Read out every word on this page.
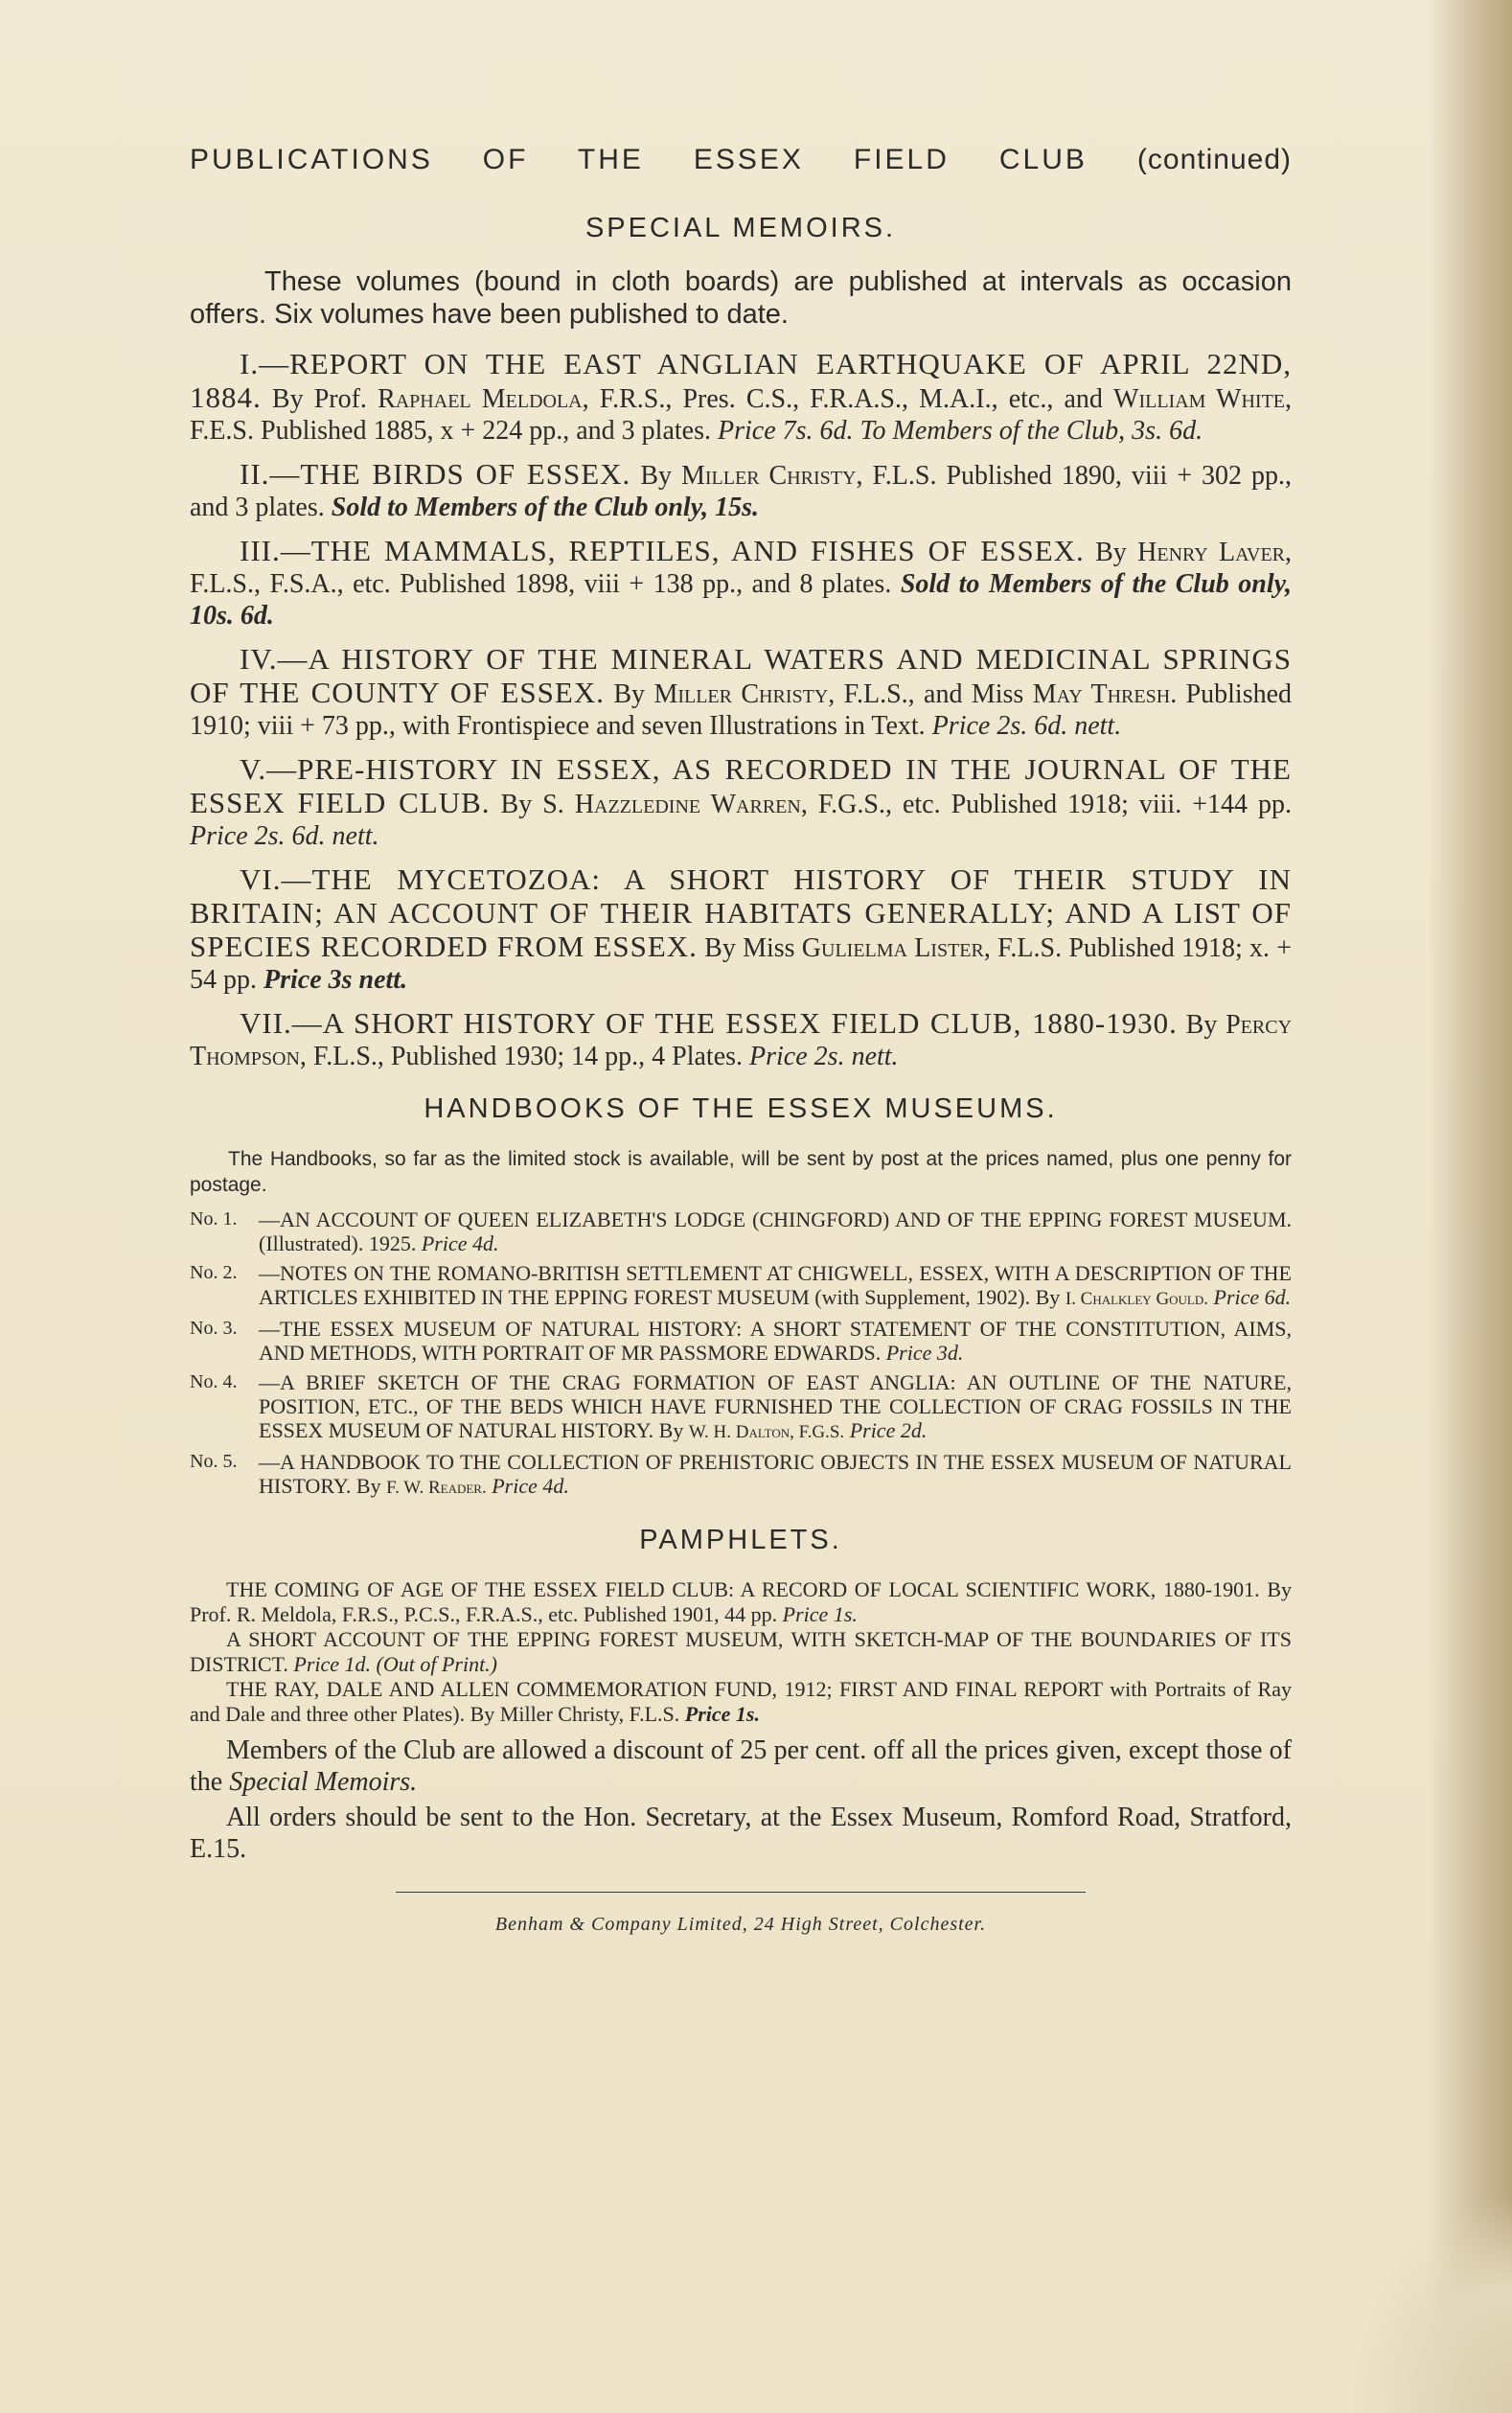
PUBLICATIONS OF THE ESSEX FIELD CLUB (continued)
SPECIAL MEMOIRS.

These volumes (bound in cloth boards) are published at intervals as occasion offers. Six volumes have been published to date.

I.—REPORT ON THE EAST ANGLIAN EARTHQUAKE OF APRIL 22ND, 1884. By Prof. Raphael Meldola, F.R.S., Pres. C.S., F.R.A.S., M.A.I., etc., and William White, F.E.S. Published 1885, x + 224 pp., and 3 plates. Price 7s. 6d. To Members of the Club, 3s. 6d.

II.—THE BIRDS OF ESSEX. By Miller Christy, F.L.S. Published 1890, viii + 302 pp., and 3 plates. Sold to Members of the Club only, 15s.

III.—THE MAMMALS, REPTILES, AND FISHES OF ESSEX. By Henry Laver, F.L.S., F.S.A., etc. Published 1898, viii + 138 pp., and 8 plates. Sold to Members of the Club only, 10s. 6d.

IV.—A HISTORY OF THE MINERAL WATERS AND MEDICINAL SPRINGS OF THE COUNTY OF ESSEX. By Miller Christy, F.L.S., and Miss May Thresh. Published 1910; viii + 73 pp., with Frontispiece and seven Illustrations in Text. Price 2s. 6d. nett.

V.—PRE-HISTORY IN ESSEX, AS RECORDED IN THE JOURNAL OF THE ESSEX FIELD CLUB. By S. Hazzledine Warren, F.G.S., etc. Published 1918; viii. +144 pp. Price 2s. 6d. nett.

VI.—THE MYCETOZOA: A SHORT HISTORY OF THEIR STUDY IN BRITAIN; AN ACCOUNT OF THEIR HABITATS GENERALLY; AND A LIST OF SPECIES RECORDED FROM ESSEX. By Miss Gulielma Lister, F.L.S. Published 1918; x. + 54 pp. Price 3s nett.

VII.—A SHORT HISTORY OF THE ESSEX FIELD CLUB, 1880-1930. By Percy Thompson, F.L.S., Published 1930; 14 pp., 4 Plates. Price 2s. nett.

HANDBOOKS OF THE ESSEX MUSEUMS.

The Handbooks, so far as the limited stock is available, will be sent by post at the prices named, plus one penny for postage.

No. 1.	—AN ACCOUNT OF QUEEN ELIZABETH'S LODGE (CHINGFORD) AND OF THE EPPING FOREST MUSEUM. (Illustrated). 1925. Price 4d.
No. 2.	—NOTES ON THE ROMANO-BRITISH SETTLEMENT AT CHIGWELL, ESSEX, WITH A DESCRIPTION OF THE ARTICLES EXHIBITED IN THE EPPING FOREST MUSEUM (with Supplement, 1902). By I. Chalkley Gould. Price 6d.
No. 3.	—THE ESSEX MUSEUM OF NATURAL HISTORY: A SHORT STATEMENT OF THE CONSTITUTION, AIMS, AND METHODS, WITH PORTRAIT OF MR PASSMORE EDWARDS. Price 3d.
No. 4.	—A BRIEF SKETCH OF THE CRAG FORMATION OF EAST ANGLIA: AN OUTLINE OF THE NATURE, POSITION, ETC., OF THE BEDS WHICH HAVE FURNISHED THE COLLECTION OF CRAG FOSSILS IN THE ESSEX MUSEUM OF NATURAL HISTORY. By W. H. Dalton, F.G.S. Price 2d.
No. 5.	—A HANDBOOK TO THE COLLECTION OF PREHISTORIC OBJECTS IN THE ESSEX MUSEUM OF NATURAL HISTORY. By F. W. Reader. Price 4d.
PAMPHLETS.

THE COMING OF AGE OF THE ESSEX FIELD CLUB: A RECORD OF LOCAL SCIENTIFIC WORK, 1880-1901. By Prof. R. Meldola, F.R.S., P.C.S., F.R.A.S., etc. Published 1901, 44 pp. Price 1s.

A SHORT ACCOUNT OF THE EPPING FOREST MUSEUM, WITH SKETCH-MAP OF THE BOUNDARIES OF ITS DISTRICT. Price 1d. (Out of Print.)

THE RAY, DALE AND ALLEN COMMEMORATION FUND, 1912; FIRST AND FINAL REPORT with Portraits of Ray and Dale and three other Plates). By Miller Christy, F.L.S. Price 1s.

Members of the Club are allowed a discount of 25 per cent. off all the prices given, except those of the Special Memoirs.

All orders should be sent to the Hon. Secretary, at the Essex Museum, Romford Road, Stratford, E.15.

Benham & Company Limited, 24 High Street, Colchester.
